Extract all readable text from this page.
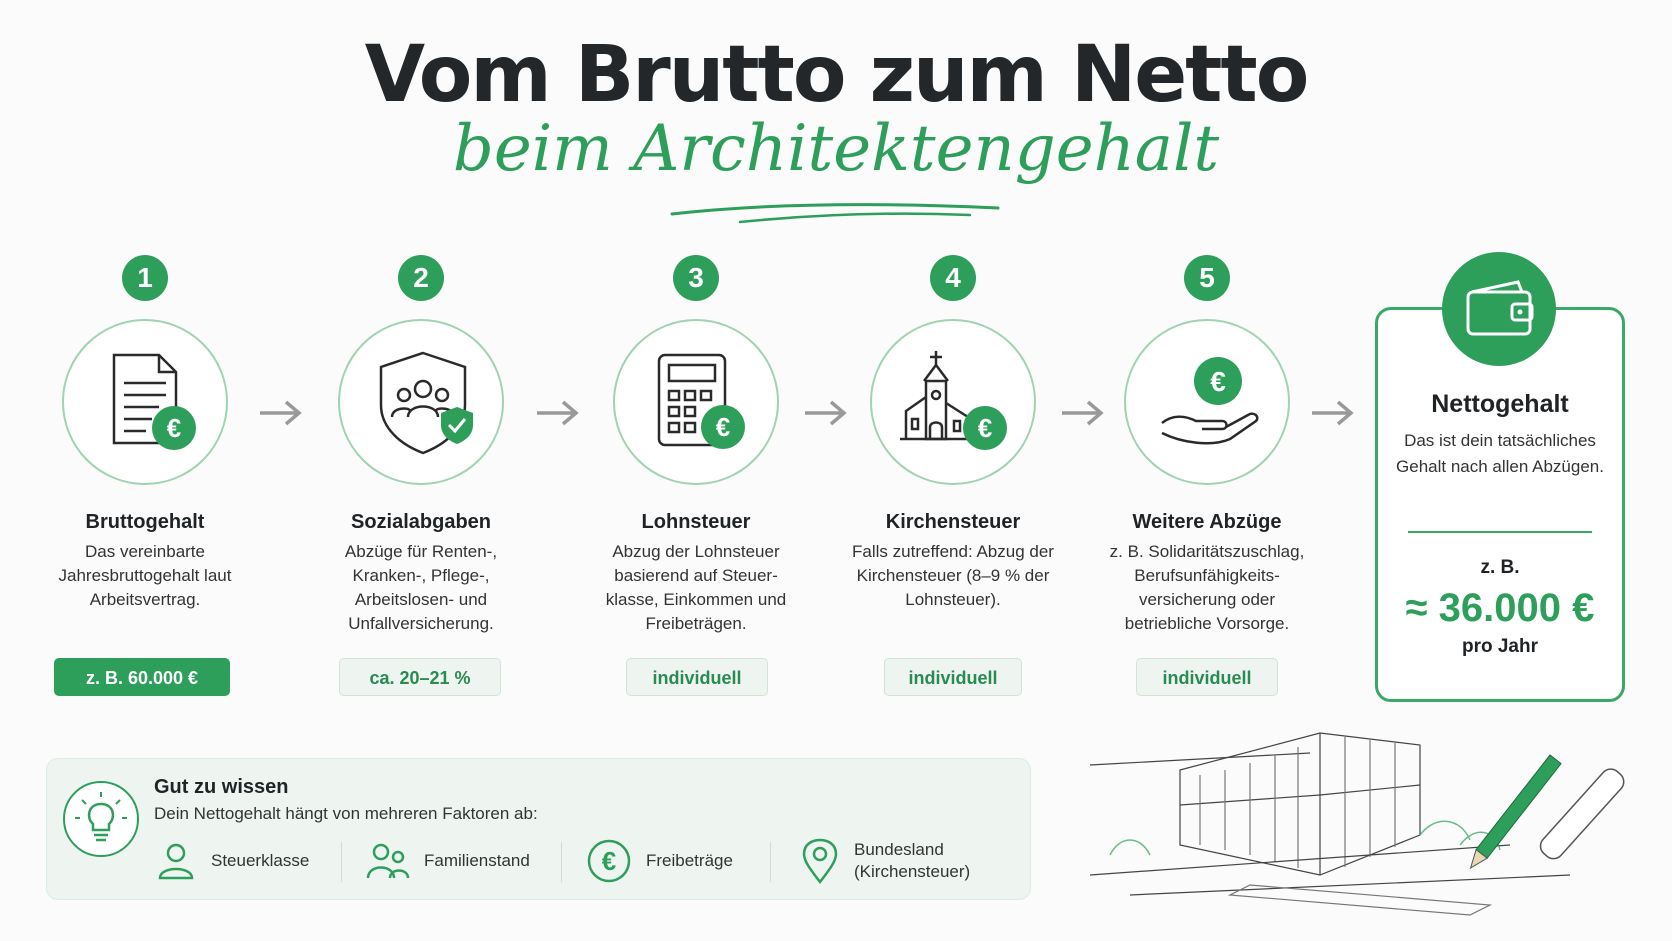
Vom Brutto zum Netto
beim Architektengehalt
1
€
Bruttogehalt
Das vereinbarte Jahresbruttogehalt laut Arbeitsvertrag.
z. B. 60.000 €
2
Sozialabgaben
Abzüge für Renten-, Kranken-, Pflege-, Arbeitslosen- und Unfallversicherung.
ca. 20–21 %
3
€
Lohnsteuer
Abzug der Lohnsteuer basierend auf Steuer-klasse, Einkommen und Freibeträgen.
individuell
4
€
Kirchensteuer
Falls zutreffend: Abzug der Kirchensteuer (8–9 % der Lohnsteuer).
individuell
5
€
Weitere Abzüge
z. B. Solidaritätszuschlag, Berufsunfähigkeits-versicherung oder betriebliche Vorsorge.
individuell
Nettogehalt
Das ist dein tatsächliches Gehalt nach allen Abzügen.
z. B.
≈ 36.000 €
pro Jahr
Gut zu wissen
Dein Nettogehalt hängt von mehreren Faktoren ab:
Steuerklasse	Familienstand	€ Freibeträge
Bundesland
(Kirchensteuer)
